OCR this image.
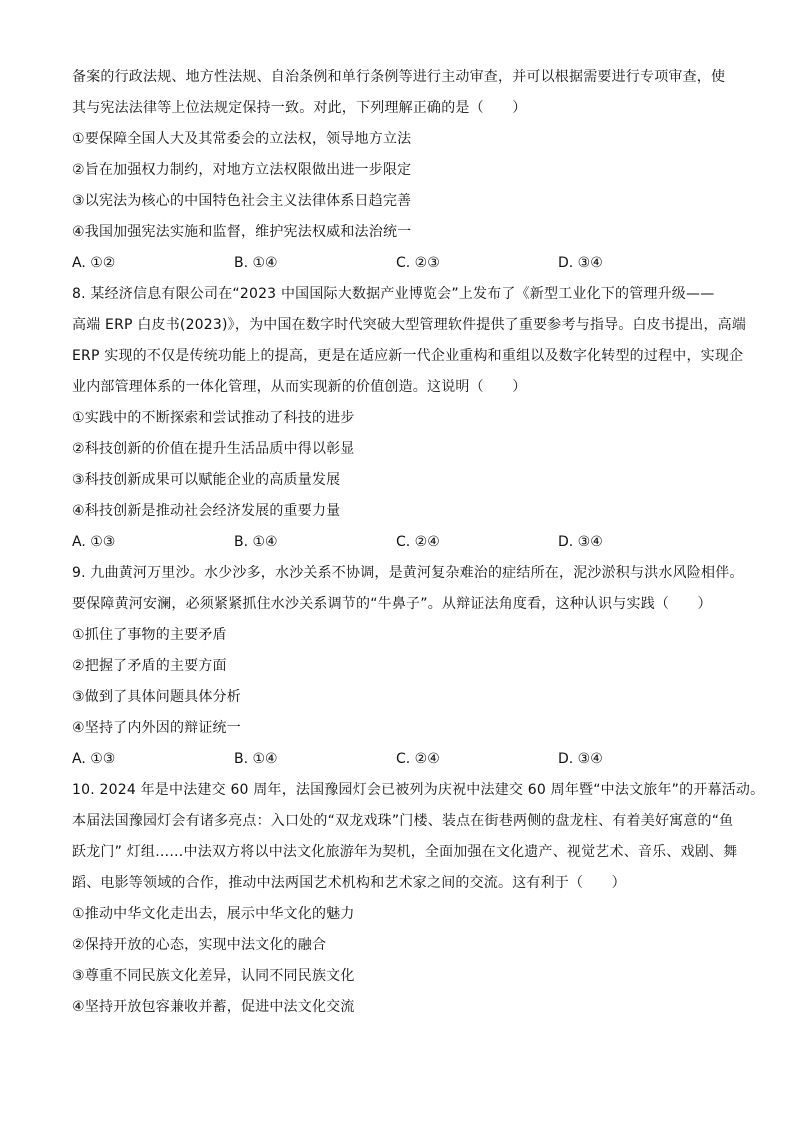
备案的行政法规、地方性法规、自治条例和单行条例等进行主动审查，并可以根据需要进行专项审查，使
其与宪法法律等上位法规定保持一致。对此，下列理解正确的是（　　）
①要保障全国人大及其常委会的立法权，领导地方立法
②旨在加强权力制约，对地方立法权限做出进一步限定
③以宪法为核心的中国特色社会主义法律体系日趋完善
④我国加强宪法实施和监督，维护宪法权威和法治统一
A. ①②	B. ①④	C. ②③	D. ③④
8. 某经济信息有限公司在“2023 中国国际大数据产业博览会”上发布了《新型工业化下的管理升级——
高端 ERP 白皮书(2023)》，为中国在数字时代突破大型管理软件提供了重要参考与指导。白皮书提出，高端
ERP 实现的不仅是传统功能上的提高，更是在适应新一代企业重构和重组以及数字化转型的过程中，实现企
业内部管理体系的一体化管理，从而实现新的价值创造。这说明（　　）
①实践中的不断探索和尝试推动了科技的进步
②科技创新的价值在提升生活品质中得以彰显
③科技创新成果可以赋能企业的高质量发展
④科技创新是推动社会经济发展的重要力量
A. ①③	B. ①④	C. ②④	D. ③④
9. 九曲黄河万里沙。水少沙多，水沙关系不协调，是黄河复杂难治的症结所在，泥沙淤积与洪水风险相伴。
要保障黄河安澜，必须紧紧抓住水沙关系调节的“牛鼻子”。从辩证法角度看，这种认识与实践（　　）
①抓住了事物的主要矛盾
②把握了矛盾的主要方面
③做到了具体问题具体分析
④坚持了内外因的辩证统一
A. ①③	B. ①④	C. ②④	D. ③④
10. 2024 年是中法建交 60 周年，法国豫园灯会已被列为庆祝中法建交 60 周年暨“中法文旅年”的开幕活动。
本届法国豫园灯会有诸多亮点：入口处的“双龙戏珠”门楼、装点在街巷两侧的盘龙柱、有着美好寓意的“鱼
跃龙门” 灯组……中法双方将以中法文化旅游年为契机，全面加强在文化遗产、视觉艺术、音乐、戏剧、舞
蹈、电影等领域的合作，推动中法两国艺术机构和艺术家之间的交流。这有利于（　　）
①推动中华文化走出去，展示中华文化的魅力
②保持开放的心态，实现中法文化的融合
③尊重不同民族文化差异，认同不同民族文化
④坚持开放包容兼收并蓄，促进中法文化交流
